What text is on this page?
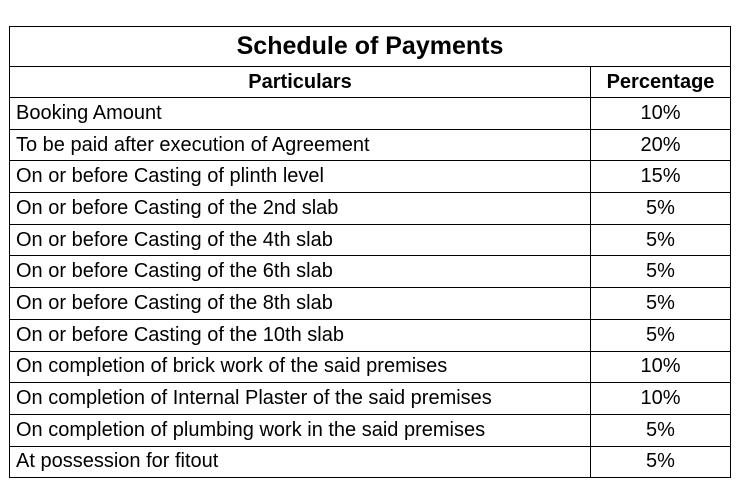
Schedule of Payments	
Particulars	Percentage
Booking Amount	10%
To be paid after execution of Agreement	20%
On or before Casting of plinth level	15%
On or before Casting of the 2nd slab	5%
On or before Casting of the 4th slab	5%
On or before Casting of the 6th slab	5%
On or before Casting of the 8th slab	5%
On or before Casting of the 10th slab	5%
On completion of brick work of the said premises	10%
On completion of Internal Plaster of the said premises	10%
On completion of plumbing work in the said premises	5%
At possession for fitout	5%
